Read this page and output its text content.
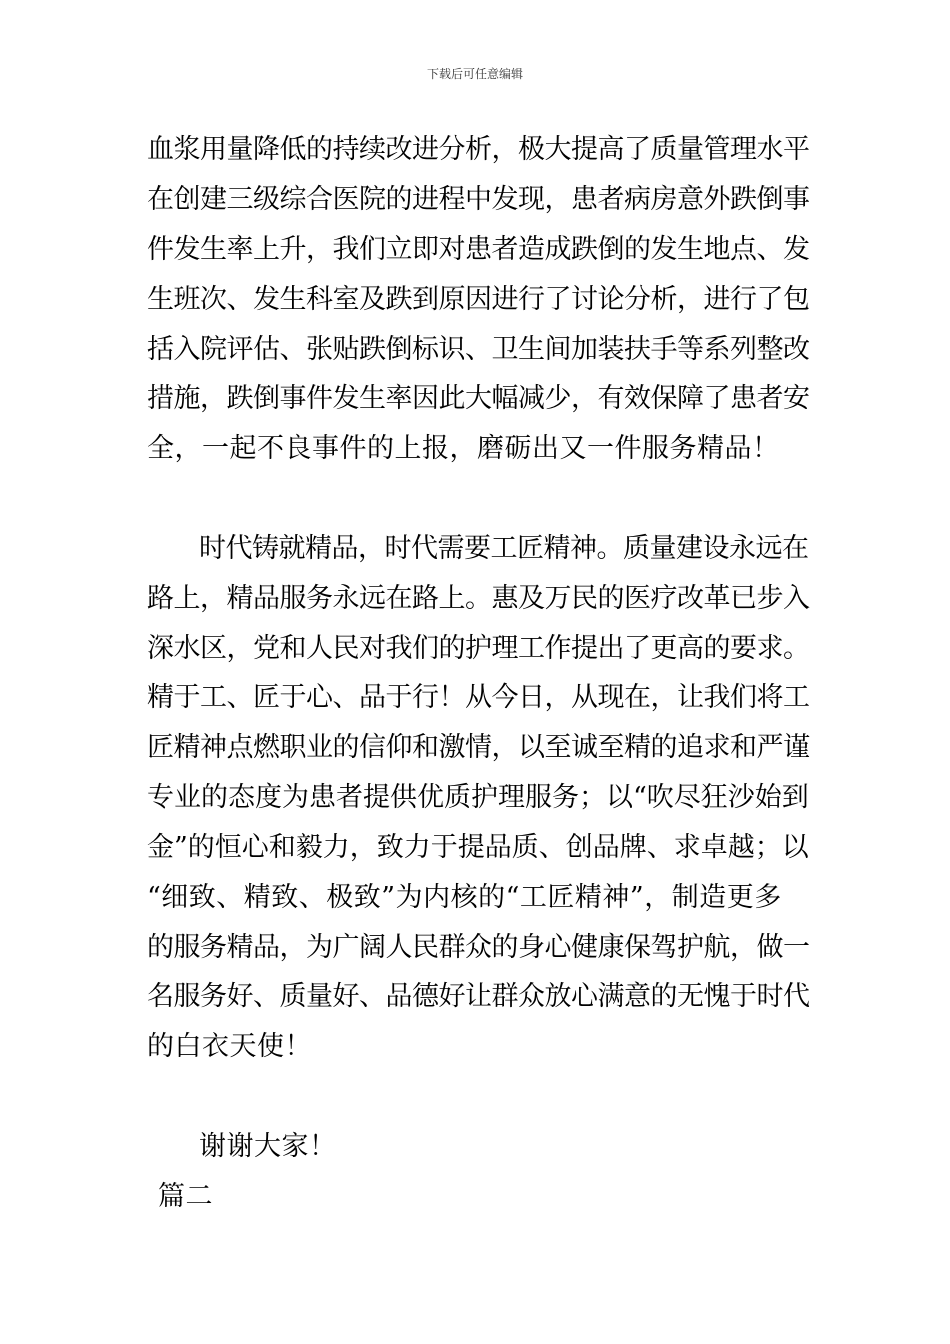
下载后可任意编辑
血浆用量降低的持续改进分析，极大提高了质量管理水平
在创建三级综合医院的进程中发现，患者病房意外跌倒事
件发生率上升，我们立即对患者造成跌倒的发生地点、发
生班次、发生科室及跌到原因进行了讨论分析，进行了包
括入院评估、张贴跌倒标识、卫生间加装扶手等系列整改
措施，跌倒事件发生率因此大幅减少，有效保障了患者安
全，一起不良事件的上报，磨砺出又一件服务精品！
时代铸就精品，时代需要工匠精神。质量建设永远在
路上，精品服务永远在路上。惠及万民的医疗改革已步入
深水区，党和人民对我们的护理工作提出了更高的要求。
精于工、匠于心、品于行！从今日，从现在，让我们将工
匠精神点燃职业的信仰和激情，以至诚至精的追求和严谨
专业的态度为患者提供优质护理服务；以“吹尽狂沙始到
金”的恒心和毅力，致力于提品质、创品牌、求卓越；以
“细致、精致、极致”为内核的“工匠精神”，制造更多
的服务精品，为广阔人民群众的身心健康保驾护航，做一
名服务好、质量好、品德好让群众放心满意的无愧于时代
的白衣天使！
谢谢大家！
篇二
